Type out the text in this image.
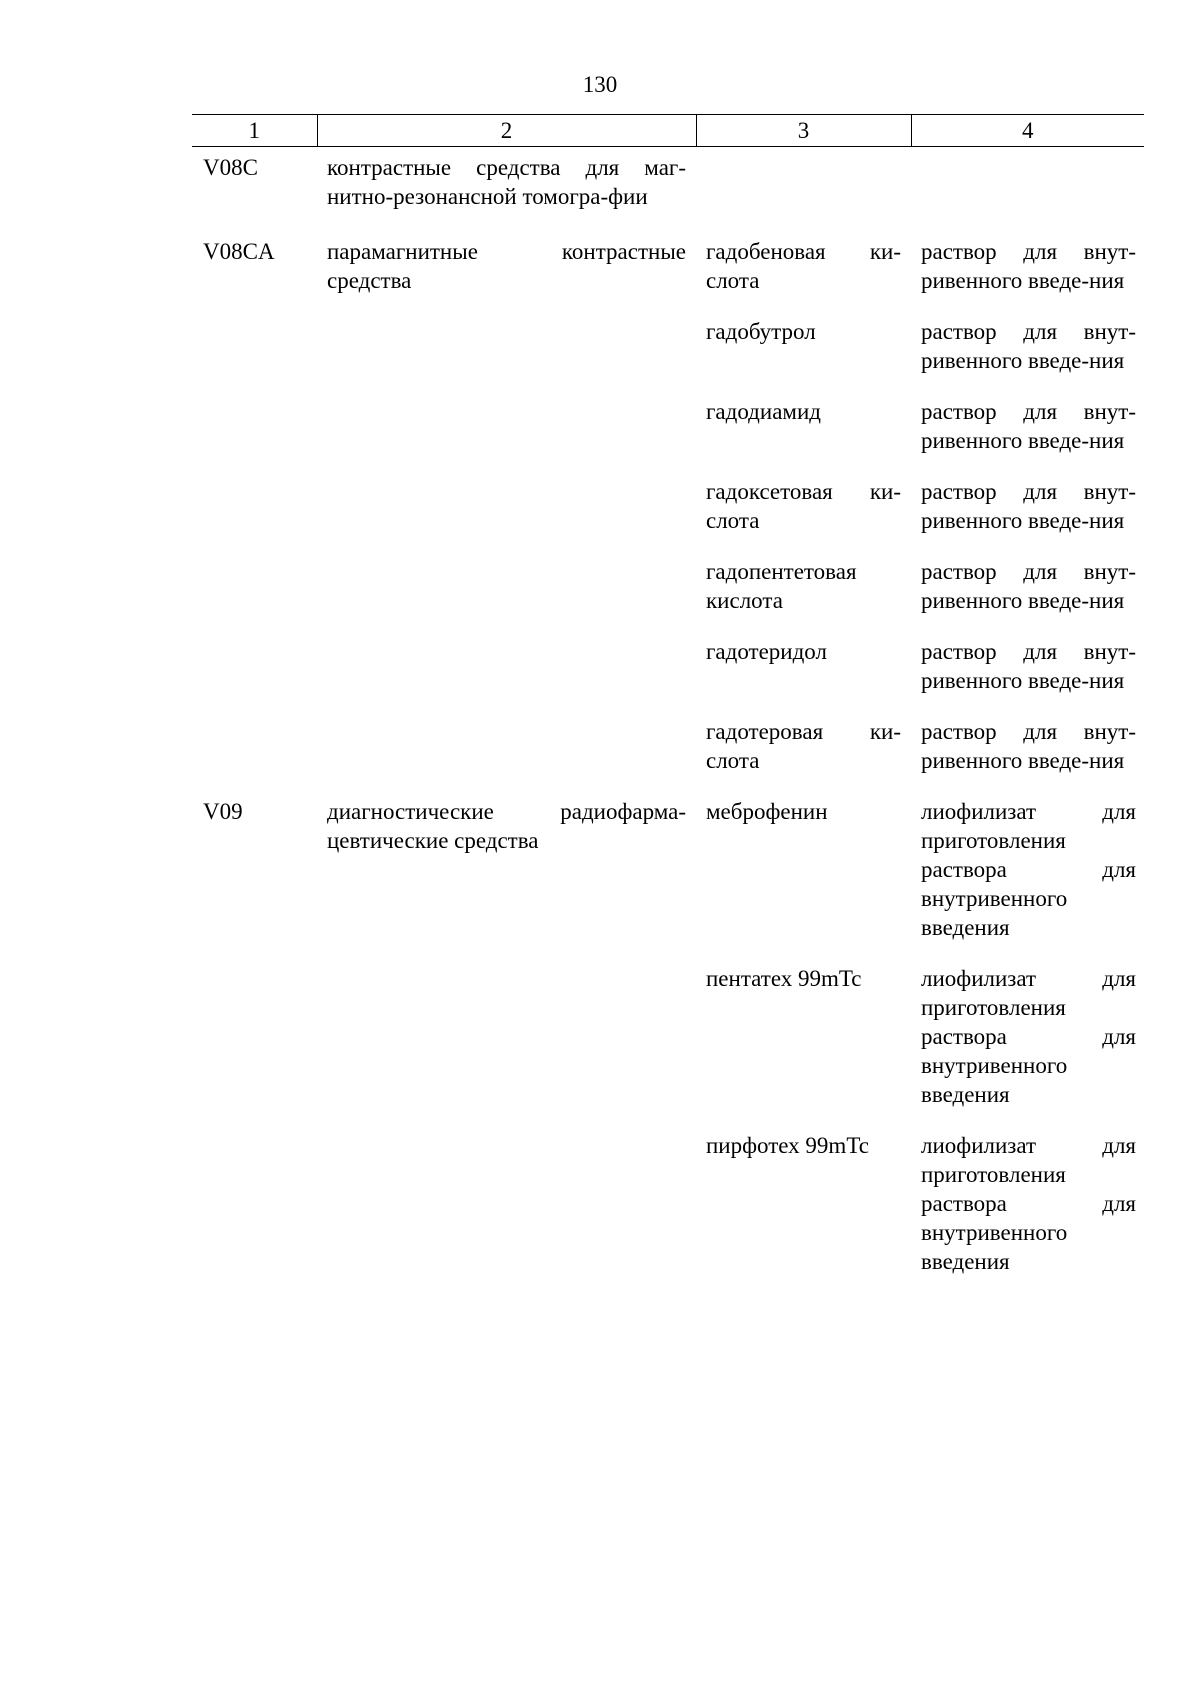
130
1	2	3	4
V08C	контрастные средства для маг-нитно-резонансной томогра-фии		
V08CA	парамагнитные контрастные средства	гадобеновая ки-слота	раствор для внут-ривенного введе-ния
		гадобутрол	раствор для внут-ривенного введе-ния
		гадодиамид	раствор для внут-ривенного введе-ния
		гадоксетовая ки-слота	раствор для внут-ривенного введе-ния
		гадопентетовая кислота	раствор для внут-ривенного введе-ния
		гадотеридол	раствор для внут-ривенного введе-ния
		гадотеровая ки-слота	раствор для внут-ривенного введе-ния
V09	диагностические радиофарма-цевтические средства	меброфенин	лиофилизат для приготовления раствора для внутривенного введения
		пентатех 99mTc	лиофилизат для приготовления раствора для внутривенного введения
		пирфотех 99mTc	лиофилизат для приготовления раствора для внутривенного введения
